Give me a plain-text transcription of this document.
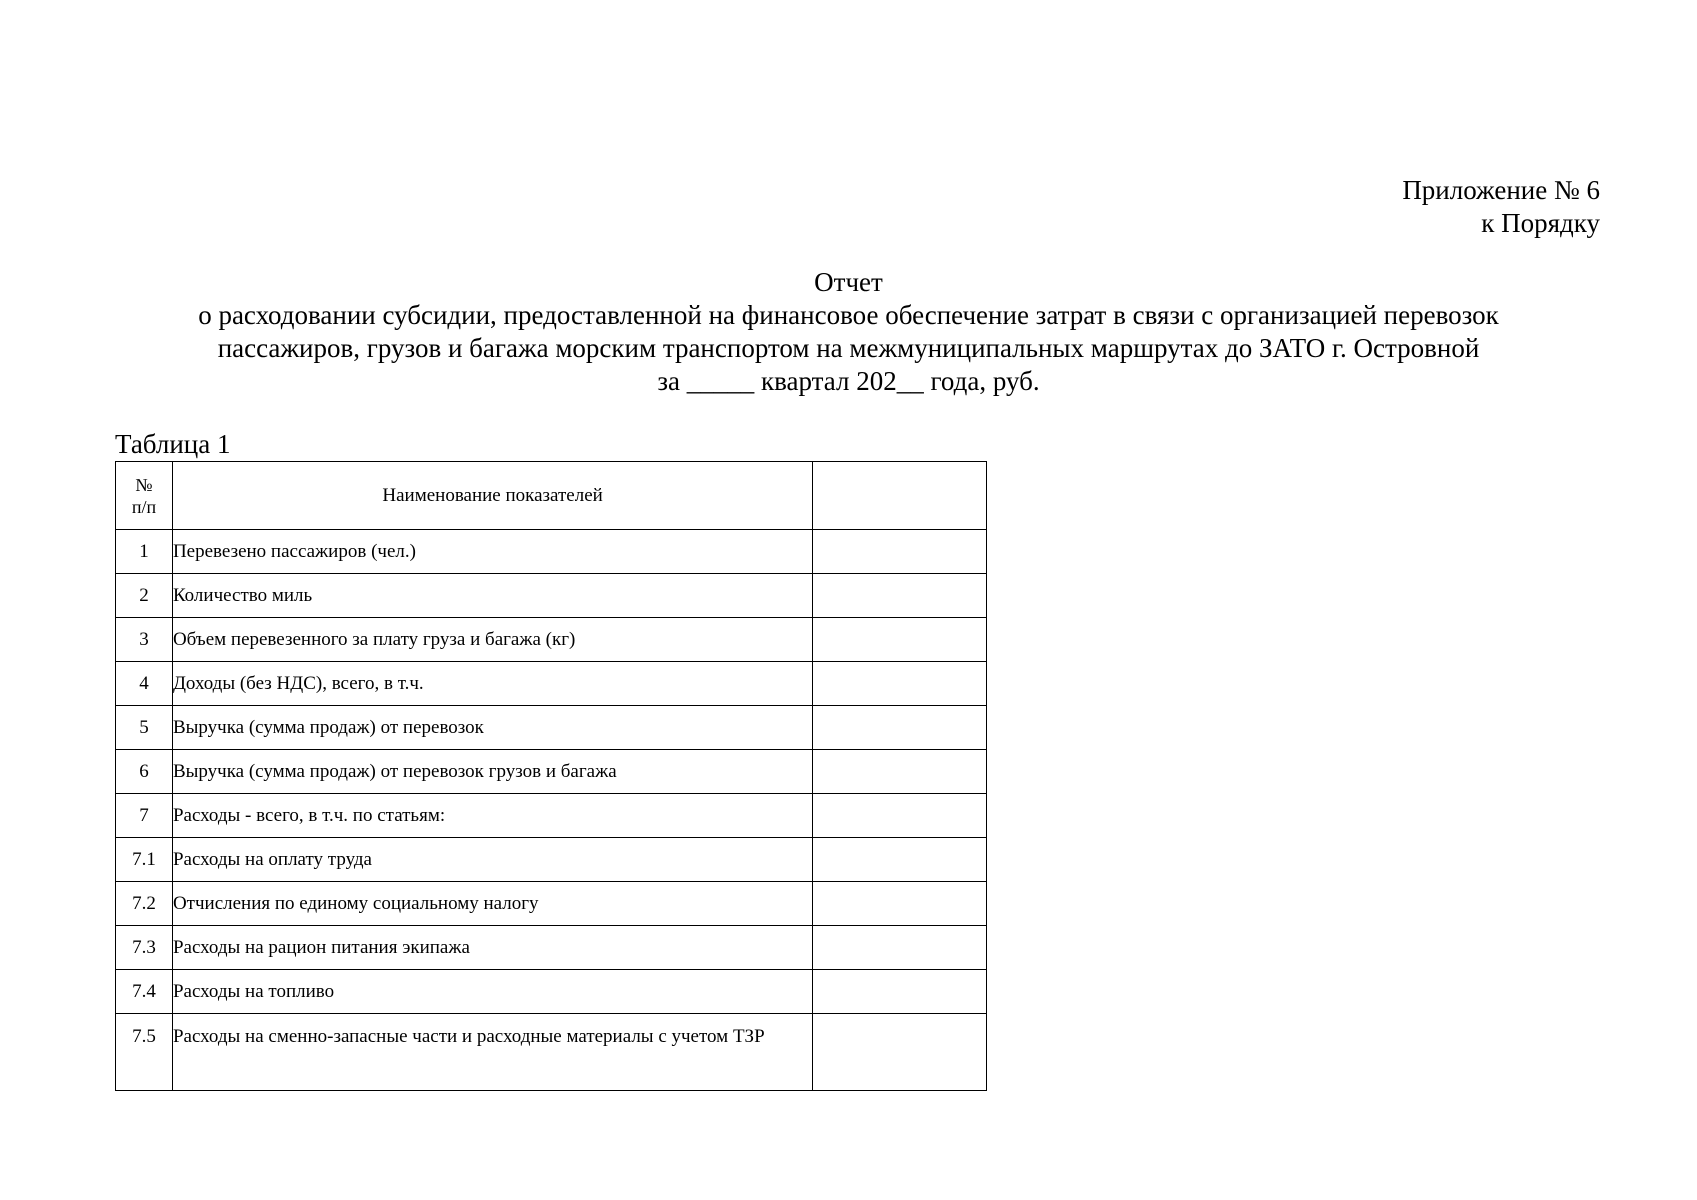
Приложение № 6
к Порядку
Отчет
о расходовании субсидии, предоставленной на финансовое обеспечение затрат в связи с организацией перевозок
пассажиров, грузов и багажа морским транспортом на межмуниципальных маршрутах до ЗАТО г. Островной
за _____ квартал 202__ года, руб.
Таблица 1
№
п/п	Наименование показателей	
1	Перевезено пассажиров (чел.)	
2	Количество миль	
3	Объем перевезенного за плату груза и багажа (кг)	
4	Доходы (без НДС), всего, в т.ч.	
5	Выручка (сумма продаж) от перевозок	
6	Выручка (сумма продаж) от перевозок грузов и багажа	
7	Расходы - всего, в т.ч. по статьям:	
7.1	Расходы на оплату труда	
7.2	Отчисления по единому социальному налогу	
7.3	Расходы на рацион питания экипажа	
7.4	Расходы на топливо	
7.5	Расходы на сменно-запасные части и расходные материалы с учетом ТЗР	
